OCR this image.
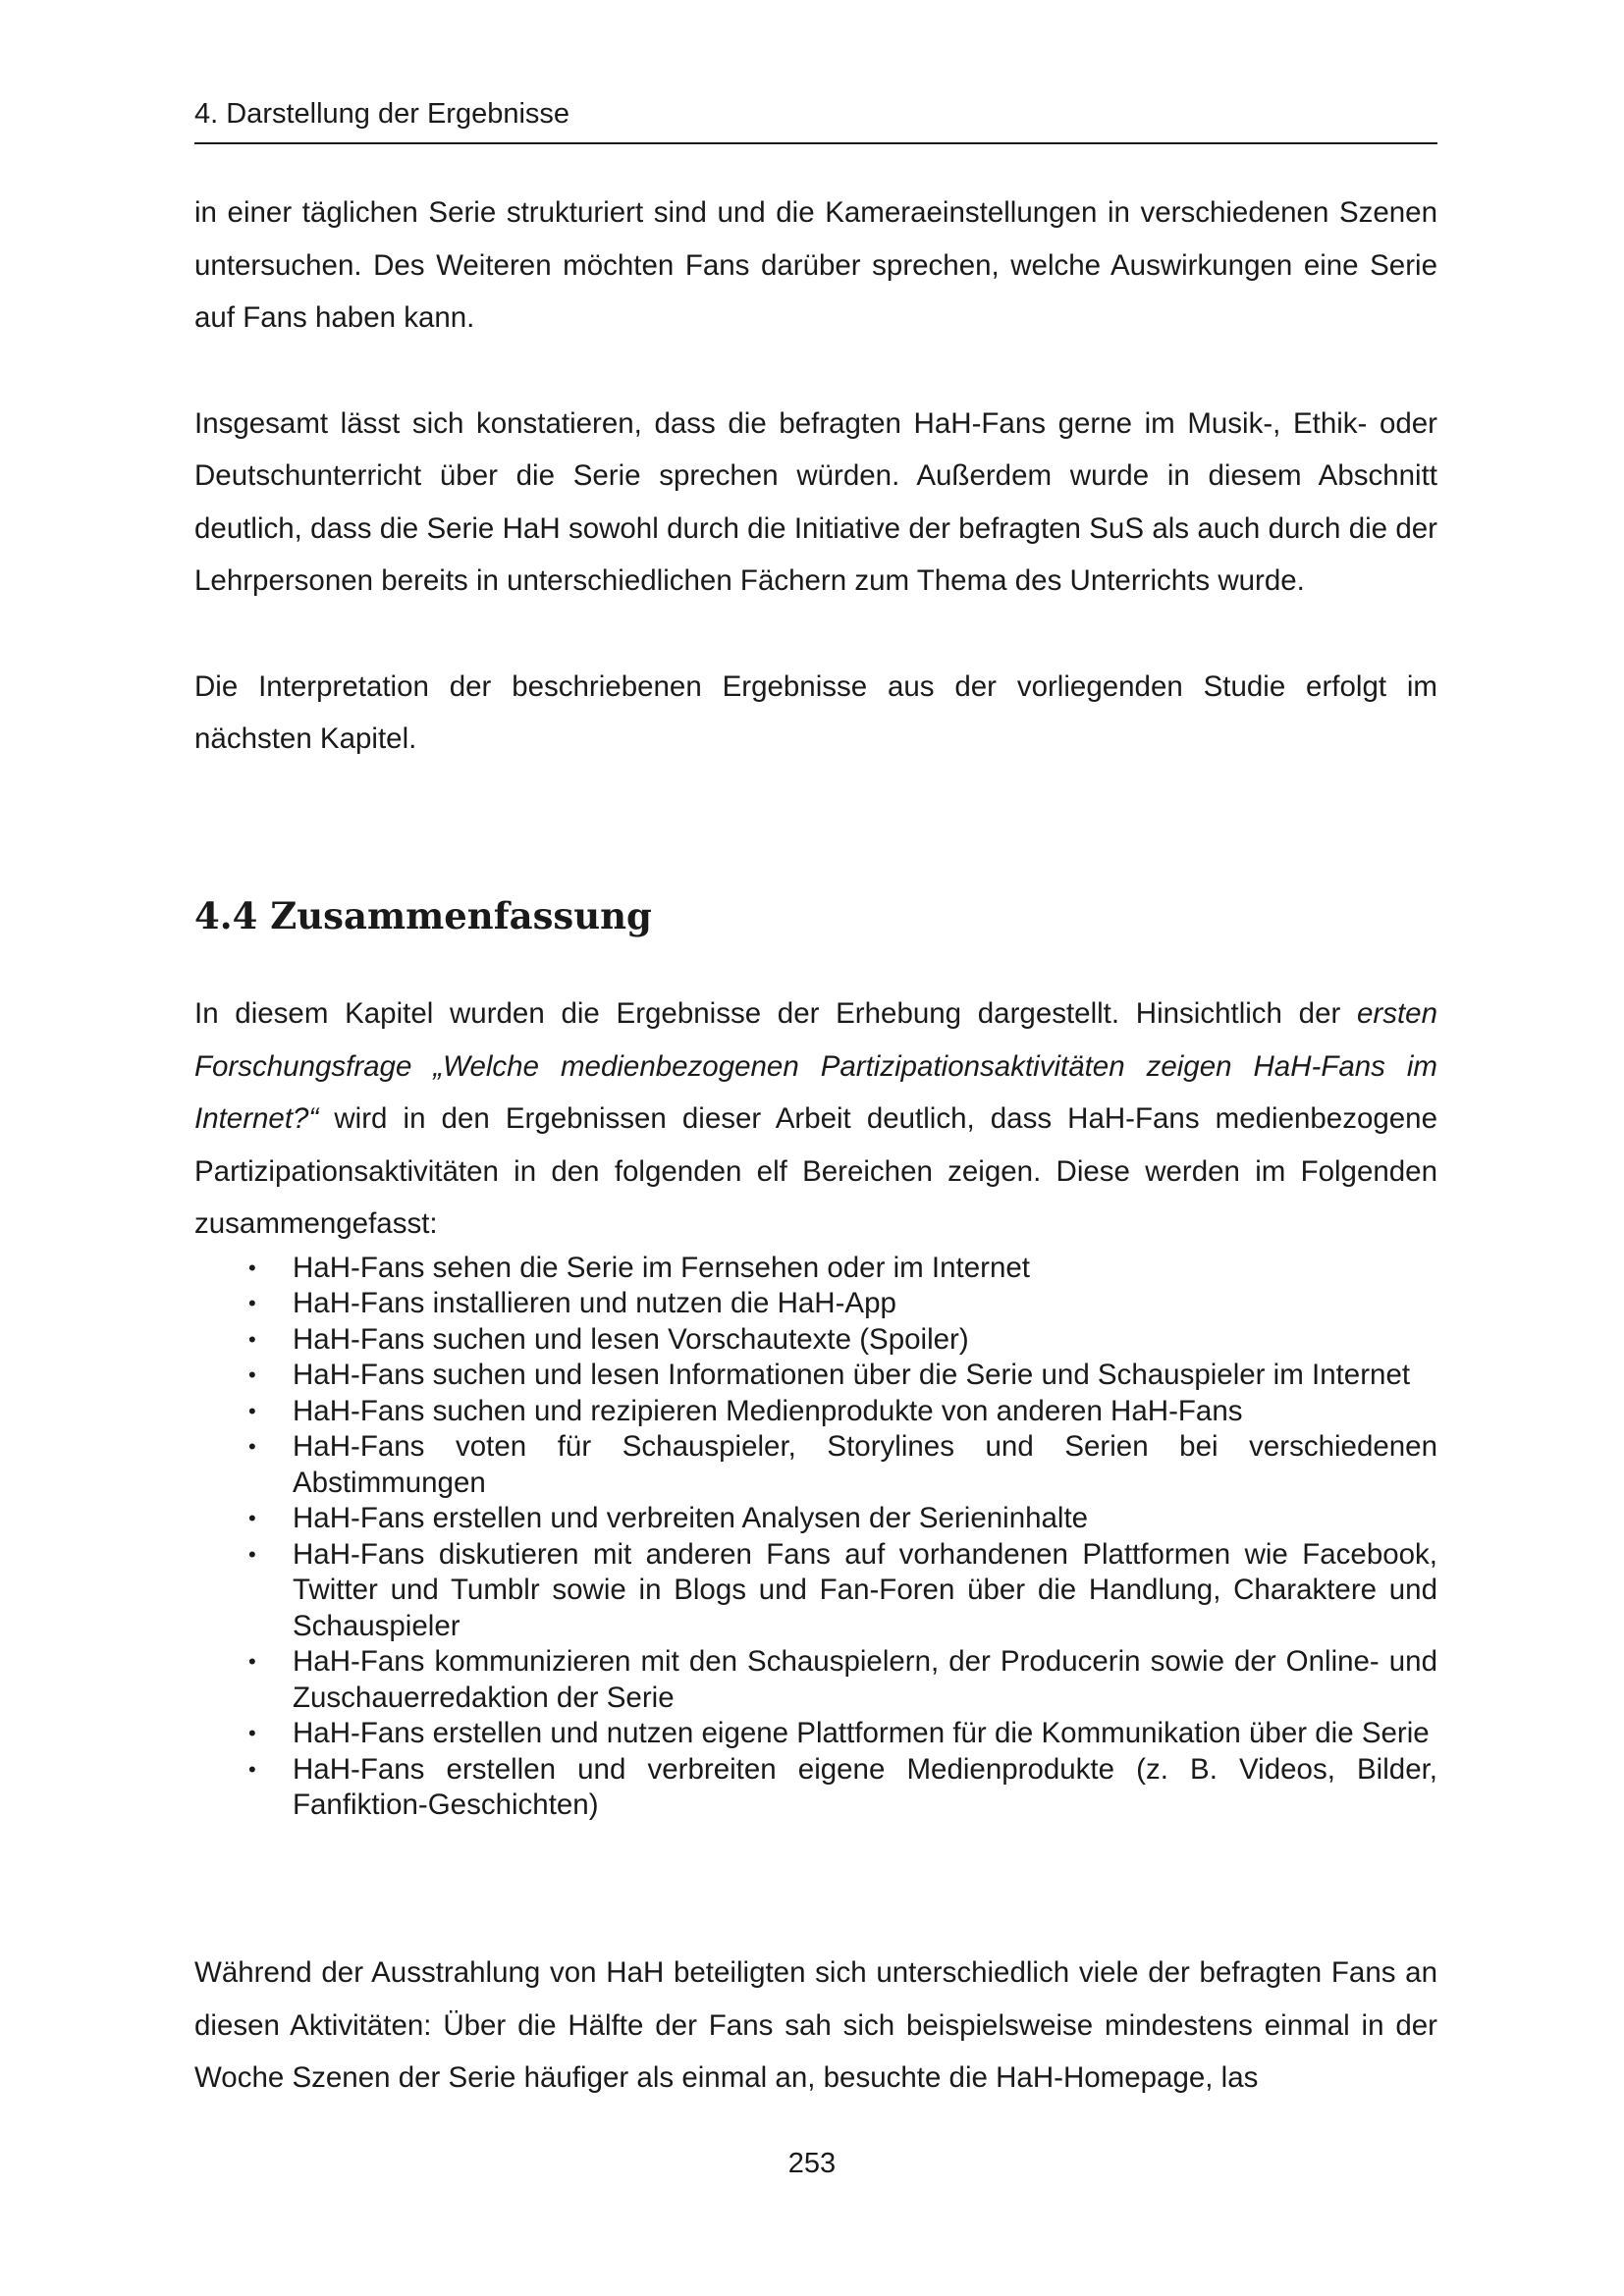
4. Darstellung der Ergebnisse

in einer täglichen Serie strukturiert sind und die Kameraeinstellungen in verschiedenen Szenen untersuchen. Des Weiteren möchten Fans darüber sprechen, welche Auswirkungen eine Serie auf Fans haben kann.

Insgesamt lässt sich konstatieren, dass die befragten HaH-Fans gerne im Musik-, Ethik- oder Deutschunterricht über die Serie sprechen würden. Außerdem wurde in diesem Abschnitt deutlich, dass die Serie HaH sowohl durch die Initiative der befragten SuS als auch durch die der Lehrpersonen bereits in unterschiedlichen Fächern zum Thema des Unterrichts wurde.

Die Interpretation der beschriebenen Ergebnisse aus der vorliegenden Studie erfolgt im nächsten Kapitel.

4.4 Zusammenfassung

In diesem Kapitel wurden die Ergebnisse der Erhebung dargestellt. Hinsichtlich der ersten Forschungsfrage „Welche medienbezogenen Partizipationsaktivitäten zeigen HaH-Fans im Internet?“ wird in den Ergebnissen dieser Arbeit deutlich, dass HaH-Fans medienbezogene Partizipationsaktivitäten in den folgenden elf Bereichen zeigen. Diese werden im Folgenden zusammengefasst:

• HaH-Fans sehen die Serie im Fernsehen oder im Internet
• HaH-Fans installieren und nutzen die HaH-App
• HaH-Fans suchen und lesen Vorschautexte (Spoiler)
• HaH-Fans suchen und lesen Informationen über die Serie und Schauspieler im Internet
• HaH-Fans suchen und rezipieren Medienprodukte von anderen HaH-Fans
• HaH-Fans voten für Schauspieler, Storylines und Serien bei verschiedenen Abstimmungen
• HaH-Fans erstellen und verbreiten Analysen der Serieninhalte
• HaH-Fans diskutieren mit anderen Fans auf vorhandenen Plattformen wie Facebook, Twitter und Tumblr sowie in Blogs und Fan-Foren über die Handlung, Charaktere und Schauspieler
• HaH-Fans kommunizieren mit den Schauspielern, der Producerin sowie der Online- und Zuschauerredaktion der Serie
• HaH-Fans erstellen und nutzen eigene Plattformen für die Kommunikation über die Serie
• HaH-Fans erstellen und verbreiten eigene Medienprodukte (z. B. Videos, Bilder, Fanfiktion-Geschichten)

Während der Ausstrahlung von HaH beteiligten sich unterschiedlich viele der befragten Fans an diesen Aktivitäten: Über die Hälfte der Fans sah sich beispielsweise mindestens einmal in der Woche Szenen der Serie häufiger als einmal an, besuchte die HaH-Homepage, las

253
